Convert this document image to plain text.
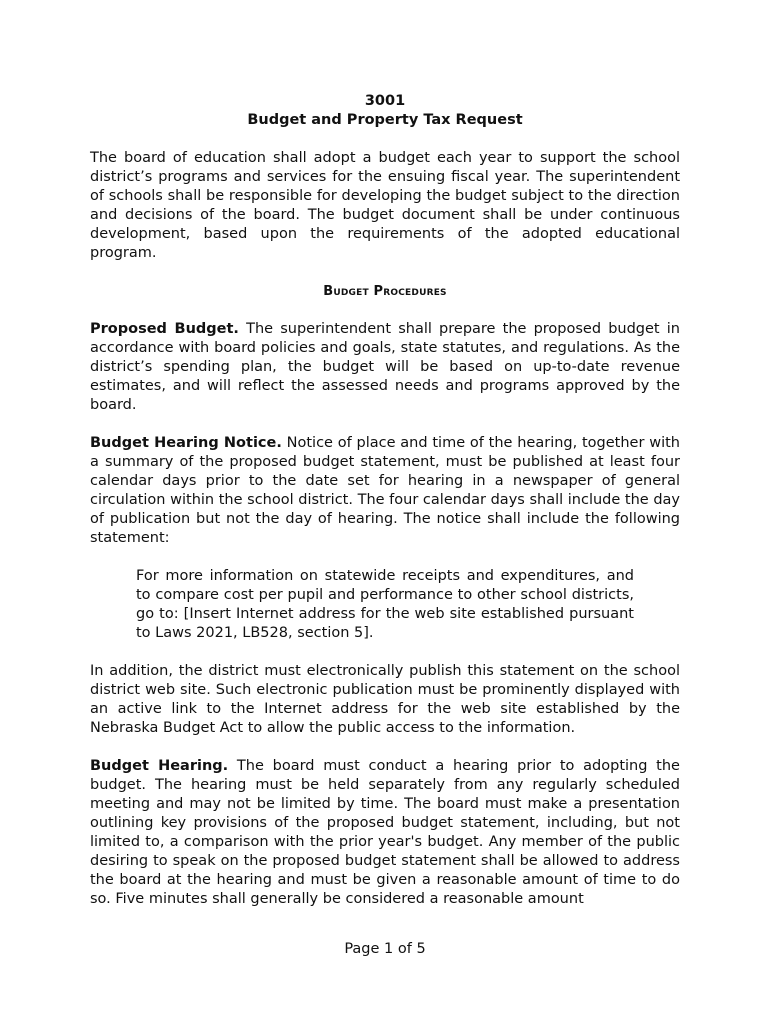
3001
Budget and Property Tax Request

The board of education shall adopt a budget each year to support the school district’s programs and services for the ensuing fiscal year. The superintendent of schools shall be responsible for developing the budget subject to the direction and decisions of the board. The budget document shall be under continuous development, based upon the requirements of the adopted educational program.

Budget Procedures

Proposed Budget. The superintendent shall prepare the proposed budget in accordance with board policies and goals, state statutes, and regulations. As the district’s spending plan, the budget will be based on up-to-date revenue estimates, and will reflect the assessed needs and programs approved by the board.

Budget Hearing Notice. Notice of place and time of the hearing, together with a summary of the proposed budget statement, must be published at least four calendar days prior to the date set for hearing in a newspaper of general circulation within the school district. The four calendar days shall include the day of publication but not the day of hearing. The notice shall include the following statement:

For more information on statewide receipts and expenditures, and to compare cost per pupil and performance to other school districts, go to: [Insert Internet address for the web site established pursuant to Laws 2021, LB528, section 5].

In addition, the district must electronically publish this statement on the school district web site. Such electronic publication must be prominently displayed with an active link to the Internet address for the web site established by the Nebraska Budget Act to allow the public access to the information.

Budget Hearing. The board must conduct a hearing prior to adopting the budget. The hearing must be held separately from any regularly scheduled meeting and may not be limited by time. The board must make a presentation outlining key provisions of the proposed budget statement, including, but not limited to, a comparison with the prior year's budget. Any member of the public desiring to speak on the proposed budget statement shall be allowed to address the board at the hearing and must be given a reasonable amount of time to do so. Five minutes shall generally be considered a reasonable amount

Page 1 of 5
